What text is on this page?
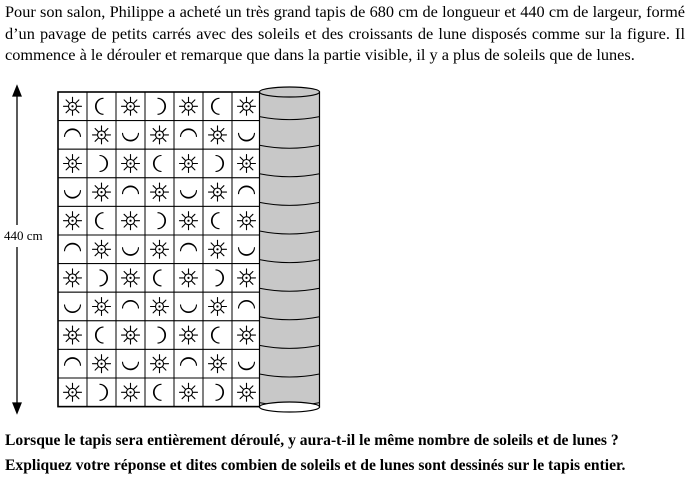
Pour son salon, Philippe a acheté un très grand tapis de 680 cm de longueur et 440 cm de largeur, formé d’un pavage de petits carrés avec des soleils et des croissants de lune disposés comme sur la figure. Il commence à le dérouler et remarque que dans la partie visible, il y a plus de soleils que de lunes.

440 cm

Lorsque le tapis sera entièrement déroulé, y aura-t-il le même nombre de soleils et de lunes ?

Expliquez votre réponse et dites combien de soleils et de lunes sont dessinés sur le tapis entier.
